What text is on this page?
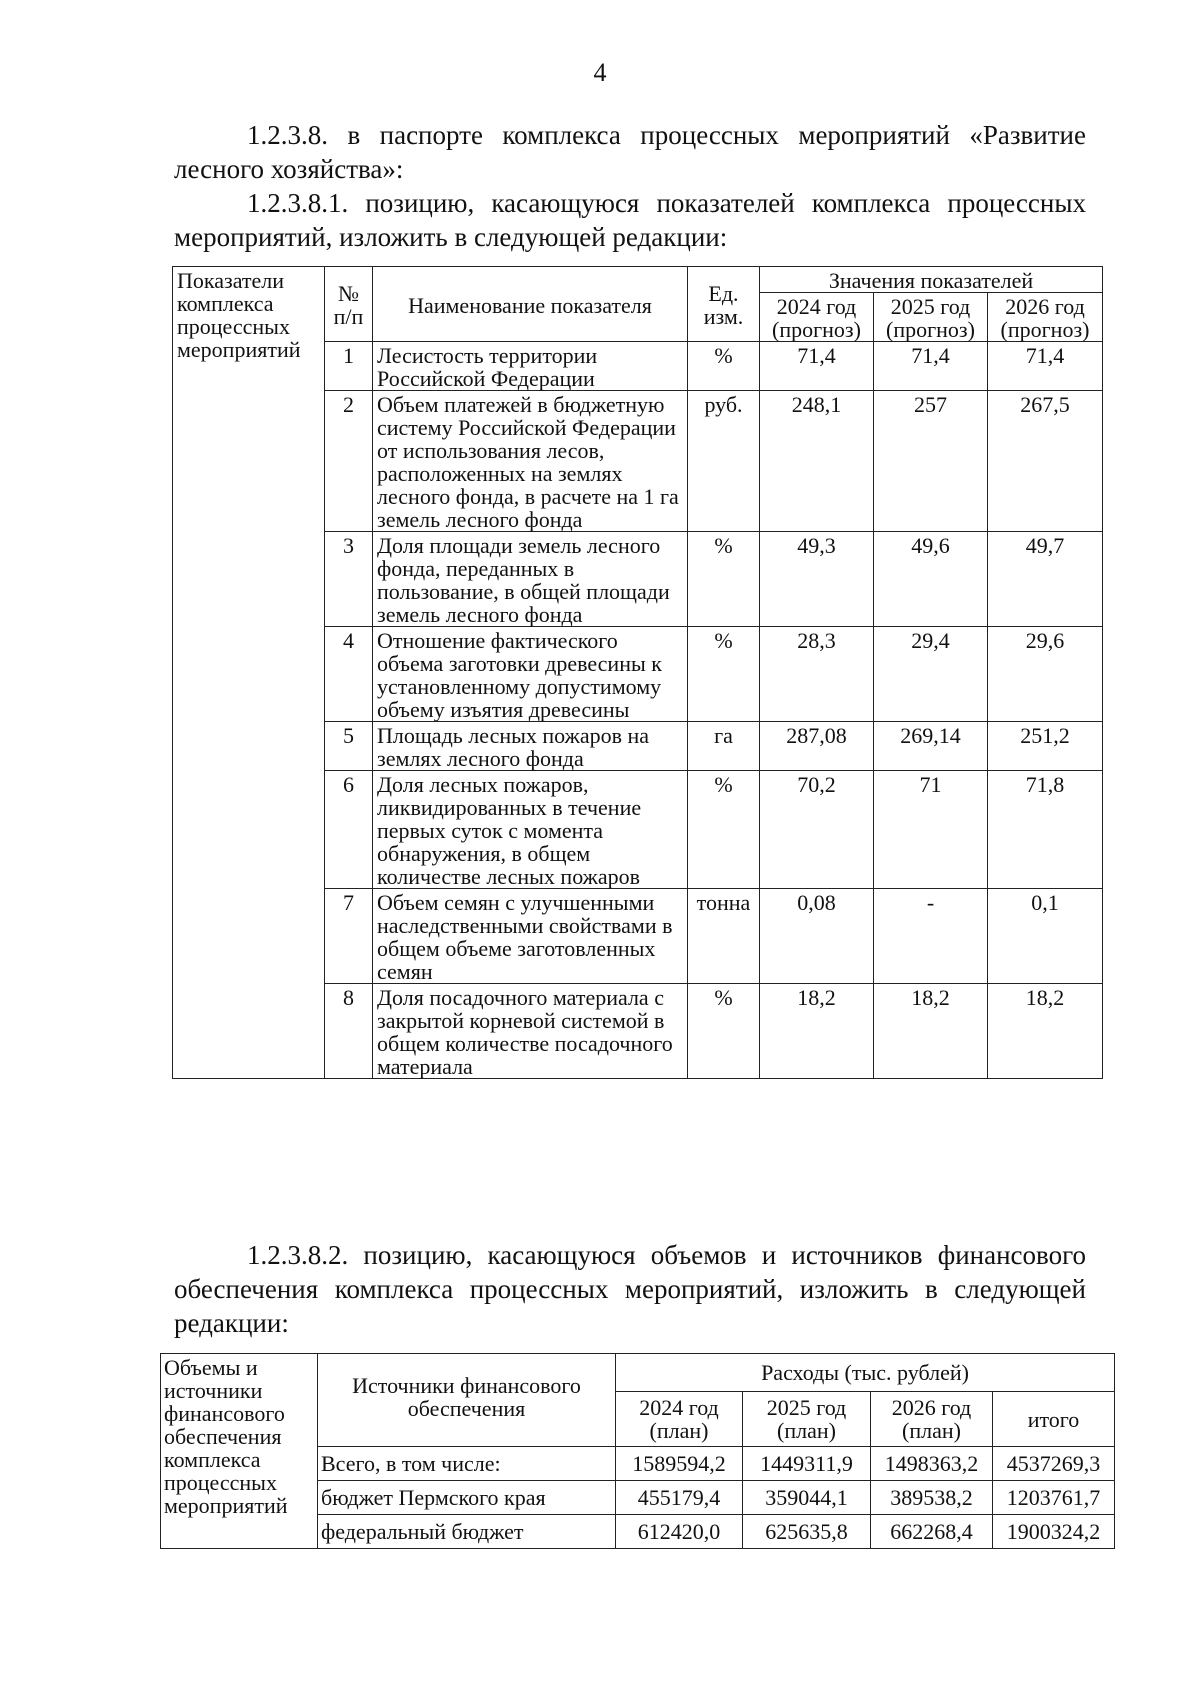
4
1.2.3.8. в паспорте комплекса процессных мероприятий «Развитие лесного хозяйства»:
1.2.3.8.1. позицию, касающуюся показателей комплекса процессных мероприятий, изложить в следующей редакции:
Показатели комплекса процессных мероприятий	№ п/п	Наименование показателя	Ед. изм.	Значения показателей		
				2024 год (прогноз)	2025 год (прогноз)	2026 год (прогноз)
	1	Лесистость территории Российской Федерации	%	71,4	71,4	71,4
	2	Объем платежей в бюджетную систему Российской Федерации от использования лесов, расположенных на землях лесного фонда, в расчете на 1 га земель лесного фонда	руб.	248,1	257	267,5
	3	Доля площади земель лесного фонда, переданных в пользование, в общей площади земель лесного фонда	%	49,3	49,6	49,7
	4	Отношение фактического объема заготовки древесины к установленному допустимому объему изъятия древесины	%	28,3	29,4	29,6
	5	Площадь лесных пожаров на землях лесного фонда	га	287,08	269,14	251,2
	6	Доля лесных пожаров, ликвидированных в течение первых суток с момента обнаружения, в общем количестве лесных пожаров	%	70,2	71	71,8
	7	Объем семян с улучшенными наследственными свойствами в общем объеме заготовленных семян	тонна	0,08	-	0,1
	8	Доля посадочного материала с закрытой корневой системой в общем количестве посадочного материала	%	18,2	18,2	18,2
1.2.3.8.2. позицию, касающуюся объемов и источников финансового обеспечения комплекса процессных мероприятий, изложить в следующей редакции:
Объемы и источники финансового обеспечения комплекса процессных мероприятий	Источники финансового обеспечения	Расходы (тыс. рублей)			
		2024 год (план)	2025 год (план)	2026 год (план)	итого
	Всего, в том числе:	1589594,2	1449311,9	1498363,2	4537269,3
	бюджет Пермского края	455179,4	359044,1	389538,2	1203761,7
	федеральный бюджет	612420,0	625635,8	662268,4	1900324,2
